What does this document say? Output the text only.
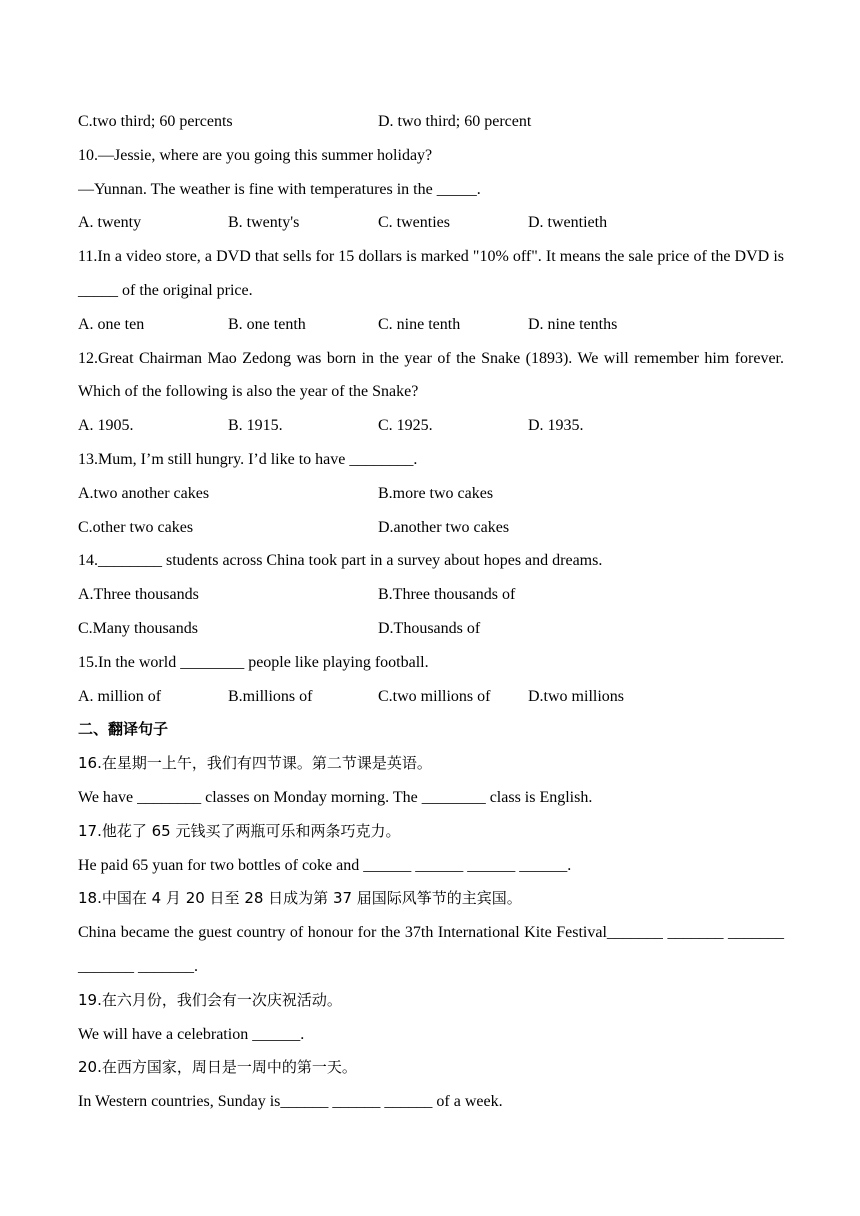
C.two third; 60 percents	D. two third; 60 percent
10.—Jessie, where are you going this summer holiday?
—Yunnan. The weather is fine with temperatures in the _____.
A. twenty	B. twenty's	C. twenties	D. twentieth
11.In a video store, a DVD that sells for 15 dollars is marked "10% off". It means the sale price of the DVD is _____ of the original price.
A. one ten	B. one tenth	C. nine tenth	D. nine tenths
12.Great Chairman Mao Zedong was born in the year of the Snake (1893). We will remember him forever. Which of the following is also the year of the Snake?
A. 1905.	B. 1915.	C. 1925.	D. 1935.
13.Mum, I’m still hungry. I’d like to have ________.
A.two another cakes	B.more two cakes
C.other two cakes	D.another two cakes
14.________ students across China took part in a survey about hopes and dreams.
A.Three thousands	B.Three thousands of
C.Many thousands	D.Thousands of
15.In the world ________ people like playing football.
A. million of	B.millions of	C.two millions of	D.two millions
二、翻译句子
16.在星期一上午，我们有四节课。第二节课是英语。
We have ________ classes on Monday morning. The ________ class is English.
17.他花了 65 元钱买了两瓶可乐和两条巧克力。
He paid 65 yuan for two bottles of coke and ______ ______ ______ ______.
18.中国在 4 月 20 日至 28 日成为第 37 届国际风筝节的主宾国。
China became the guest country of honour for the 37th International Kite Festival_______ _______ _______ _______ _______.
19.在六月份，我们会有一次庆祝活动。
We will have a celebration ______.
20.在西方国家，周日是一周中的第一天。
In Western countries, Sunday is______ ______ ______ of a week.
